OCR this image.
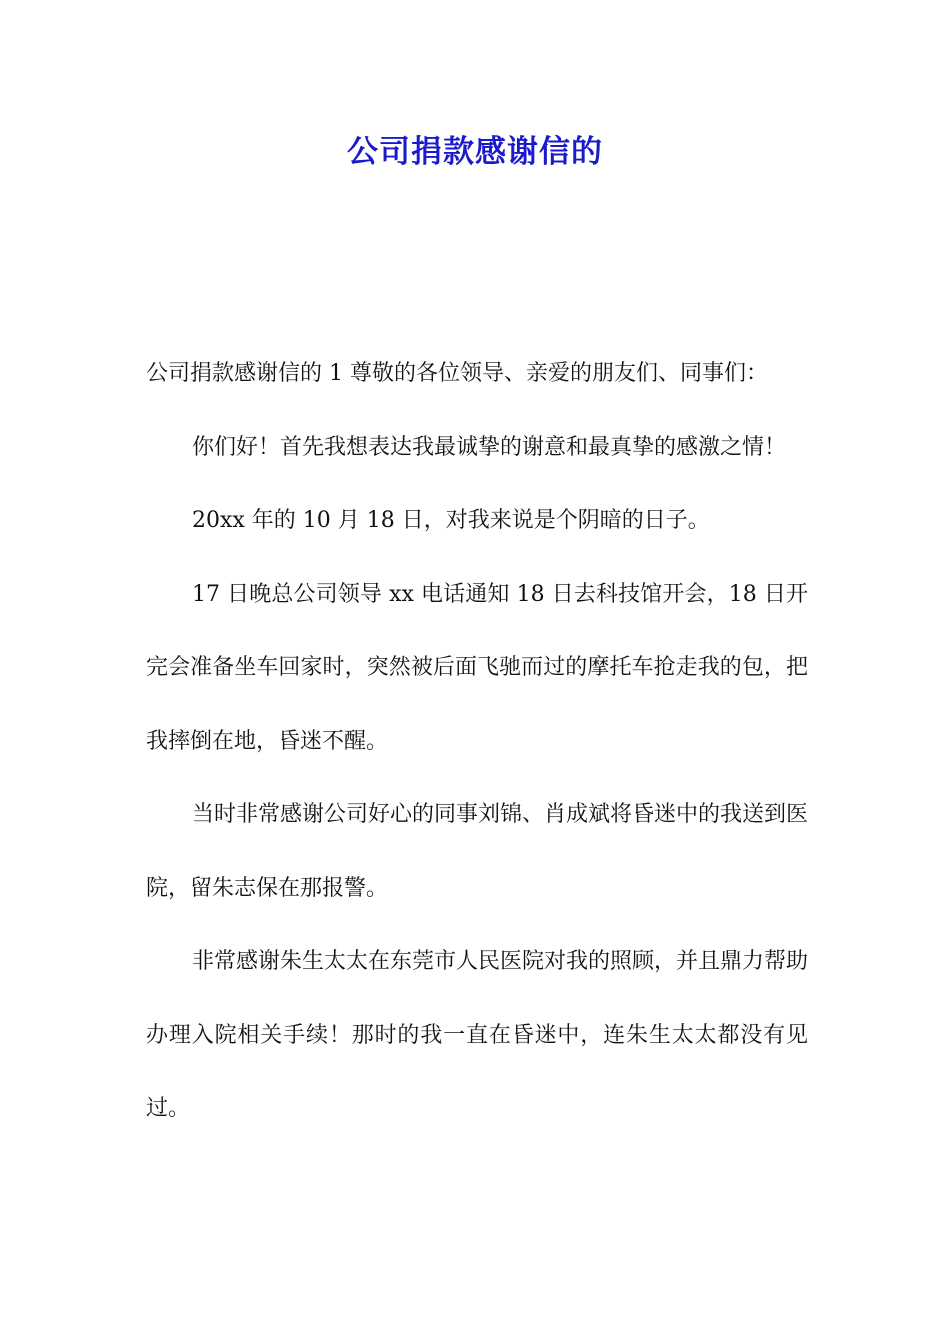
公司捐款感谢信的

公司捐款感谢信的 1 尊敬的各位领导、亲爱的朋友们、同事们：

你们好！首先我想表达我最诚挚的谢意和最真挚的感激之情！

20xx 年的 10 月 18 日，对我来说是个阴暗的日子。

17 日晚总公司领导 xx 电话通知 18 日去科技馆开会，18 日开完会准备坐车回家时，突然被后面飞驰而过的摩托车抢走我的包，把我摔倒在地，昏迷不醒。

当时非常感谢公司好心的同事刘锦、肖成斌将昏迷中的我送到医院，留朱志保在那报警。

非常感谢朱生太太在东莞市人民医院对我的照顾，并且鼎力帮助办理入院相关手续！那时的我一直在昏迷中，连朱生太太都没有见过。
